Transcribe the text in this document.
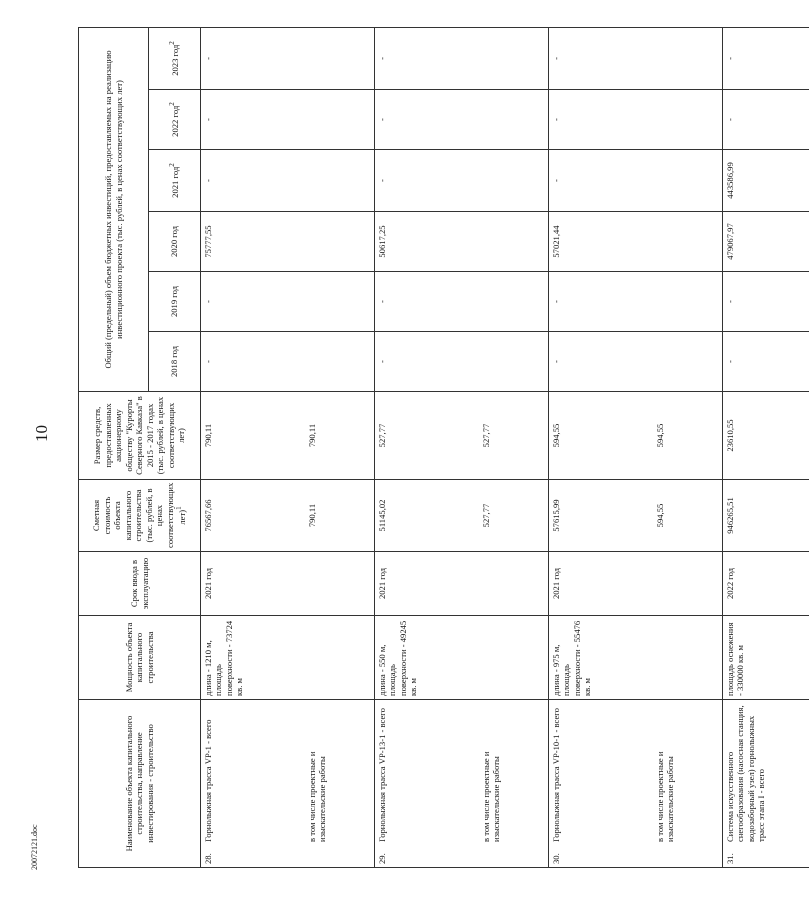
10
20072121.doc	Наименование объекта капитального строительства, направление инвестирования - строительство	Мощность объекта капитального строительства	Срок ввода в эксплуатацию	Сметная стоимость объекта капитального строительства (тыс. рублей, в ценах соответствующих лет)$^1$	Размер средств, предоставленных акционерному обществу "Курорты Северного Кавказа" в 2015 - 2017 годах (тыс. рублей, в ценах соответствующих лет)	Общий (предельный) объем бюджетных инвестиций, предоставляемых на реализацию инвестиционного проекта (тыс. рублей, в ценах соответствующих лет)					
					2018 год	2019 год	2020 год	2021 год$^2$	2022 год$^2$	2023 год$^2$

28.
Горнолыжная трасса VP-1 - всего	длина - 1210 м, площадь поверхности - 73724 кв. м	2021 год	76567,66	790,11	-	-	75777,55	-	-	-

в том числе проектные и изыскательские работы			790,11	790,11						

29.
Горнолыжная трасса VP-13-1 - всего	длина - 550 м, площадь поверхности - 49245 кв. м	2021 год	51145,02	527,77	-	-	50617,25	-	-	-

в том числе проектные и изыскательские работы			527,77	527,77						

30.
Горнолыжная трасса VP-10-1 - всего	длина - 975 м, площадь поверхности - 55476 кв. м	2021 год	57615,99	594,55	-	-	57021,44	-	-	-

в том числе проектные и изыскательские работы			594,55	594,55						

31.
Система искусственного снегообразования (насосная станция, водозаборный узел) горнолыжных трасс этапа I - всего	площадь оснежения - 330000 кв. м	2022 год	946265,51	23610,55	-	-	479067,97	443586,99	-	-
